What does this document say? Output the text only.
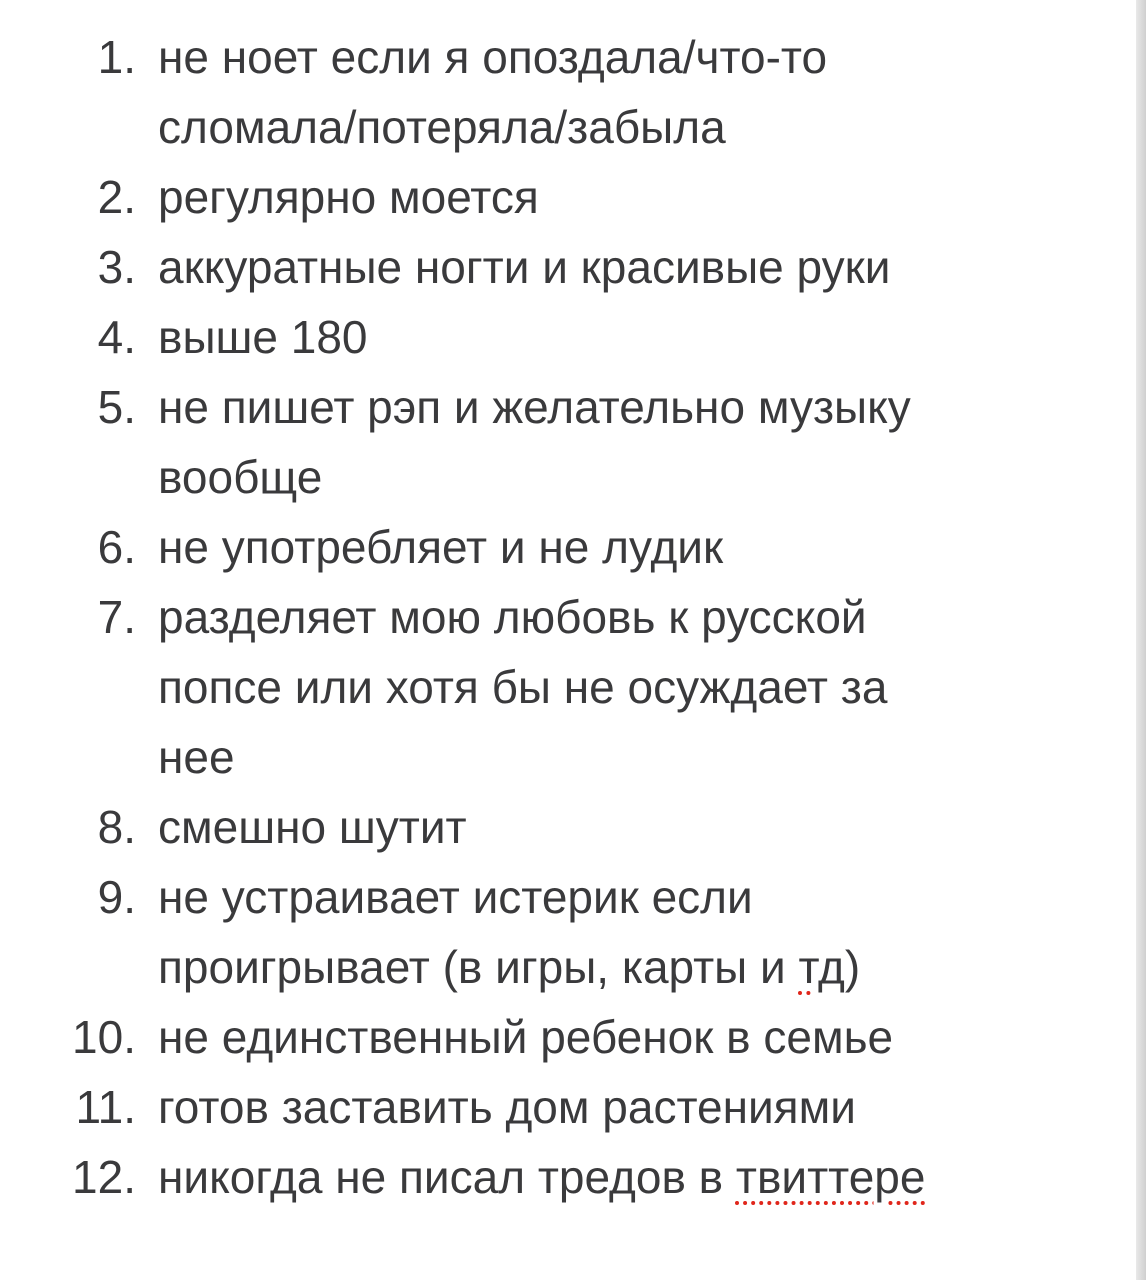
1. не ноет если я опоздала/что-то
сломала/потеряла/забыла
2. регулярно моется
3. аккуратные ногти и красивые руки
4. выше 180
5. не пишет рэп и желательно музыку
вообще
6. не употребляет и не лудик
7. разделяет мою любовь к русской
попсе или хотя бы не осуждает за
нее
8. смешно шутит
9. не устраивает истерик если
проигрывает (в игры, карты и тд)
10. не единственный ребенок в семье
11. готов заставить дом растениями
12. никогда не писал тредов в твиттере
